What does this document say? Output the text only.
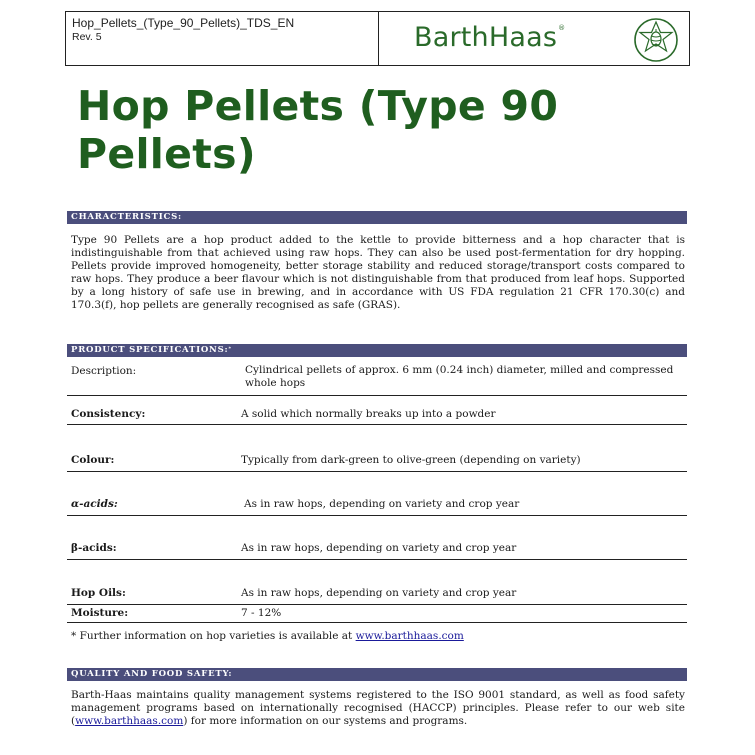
Hop_Pellets_(Type_90_Pellets)_TDS_EN
Rev. 5	BarthHaas®
Hop Pellets (Type 90 Pellets)
CHARACTERISTICS:

Type 90 Pellets are a hop product added to the kettle to provide bitterness and a hop character that is indistinguishable from that achieved using raw hops. They can also be used post-fermentation for dry hopping. Pellets provide improved homogeneity, better storage stability and reduced storage/transport costs compared to raw hops. They produce a beer flavour which is not distinguishable from that produced from leaf hops. Supported by a long history of safe use in brewing, and in accordance with US FDA regulation 21 CFR 170.30(c) and 170.3(f), hop pellets are generally recognised as safe (GRAS).

PRODUCT SPECIFICATIONS:*
Description:	Cylindrical pellets of approx. 6 mm (0.24 inch) diameter, milled and compressed whole hops
Consistency:	A solid which normally breaks up into a powder
Colour:	Typically from dark-green to olive-green (depending on variety)
α-acids:	As in raw hops, depending on variety and crop year
β-acids:	As in raw hops, depending on variety and crop year
Hop Oils:	As in raw hops, depending on variety and crop year
Moisture:	7 - 12%
* Further information on hop varieties is available at www.barthhaas.com
QUALITY AND FOOD SAFETY:

Barth-Haas maintains quality management systems registered to the ISO 9001 standard, as well as food safety management programs based on internationally recognised (HACCP) principles. Please refer to our web site (www.barthhaas.com) for more information on our systems and programs.
